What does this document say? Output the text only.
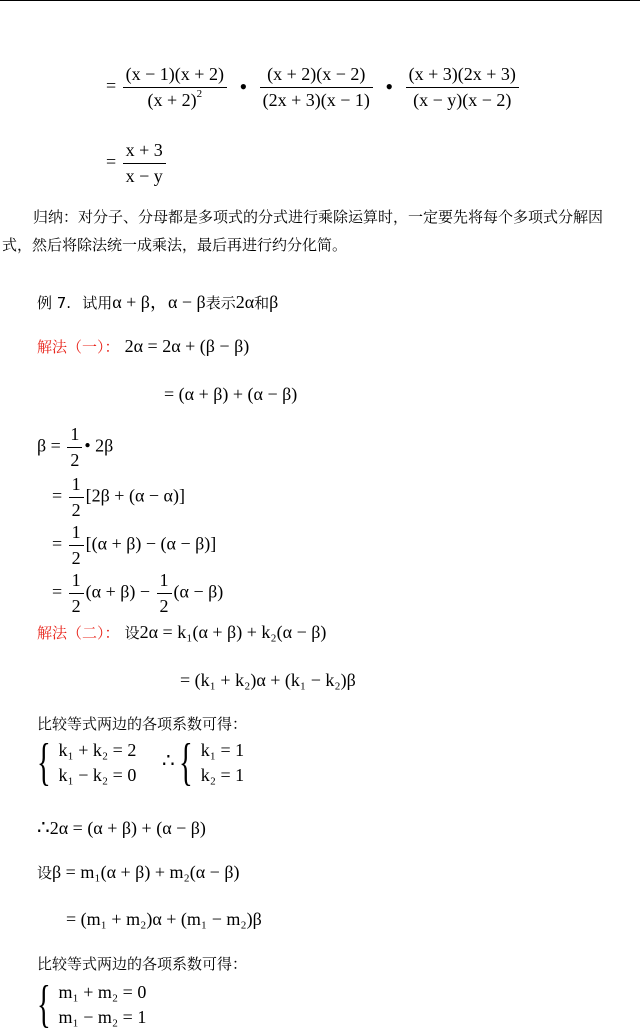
= $\frac{(x - 1)(x + 2)}{(x + 2)^2}$ • $\frac{(x + 2)(x - 2)}{(2x + 3)(x - 1)}$ • $\frac{(x + 3)(2x + 3)}{(x - y)(x - 2)}$
= $\frac{x + 3}{x - y}$
归纳：对分子、分母都是多项式的分式进行乘除运算时，一定要先将每个多项式分解因
式，然后将除法统一成乘法，最后再进行约分化简。
例 7. 试用α + β，α − β表示2α和β
解法（一）： 2α = 2α + (β − β)
= (α + β) + (α − β)
$\beta = \frac{1}{2}$ • 2β
= $\frac{1}{2} [2\beta + (\alpha - \alpha)]$
= $\frac{1}{2} [(\alpha + \beta) - (\alpha - \beta)]$
= $\frac{1}{2} (\alpha + \beta) - \frac{1}{2} (\alpha - \beta)$
解法（二）： 设2α = k₁(α + β) + k₂(α − β)
= (k₁ + k₂)α + (k₁ − k₂)β
比较等式两边的各项系数可得：
{ k₁ + k₂ = 2
k₁ − k₂ = 0
∴ { k₁ = 1
k₂ = 1
∴2α = (α + β) + (α − β)
设β = m₁(α + β) + m₂(α − β)
= (m₁ + m₂)α + (m₁ − m₂)β
比较等式两边的各项系数可得：
{ m₁ + m₂ = 0
m₁ − m₂ = 1
